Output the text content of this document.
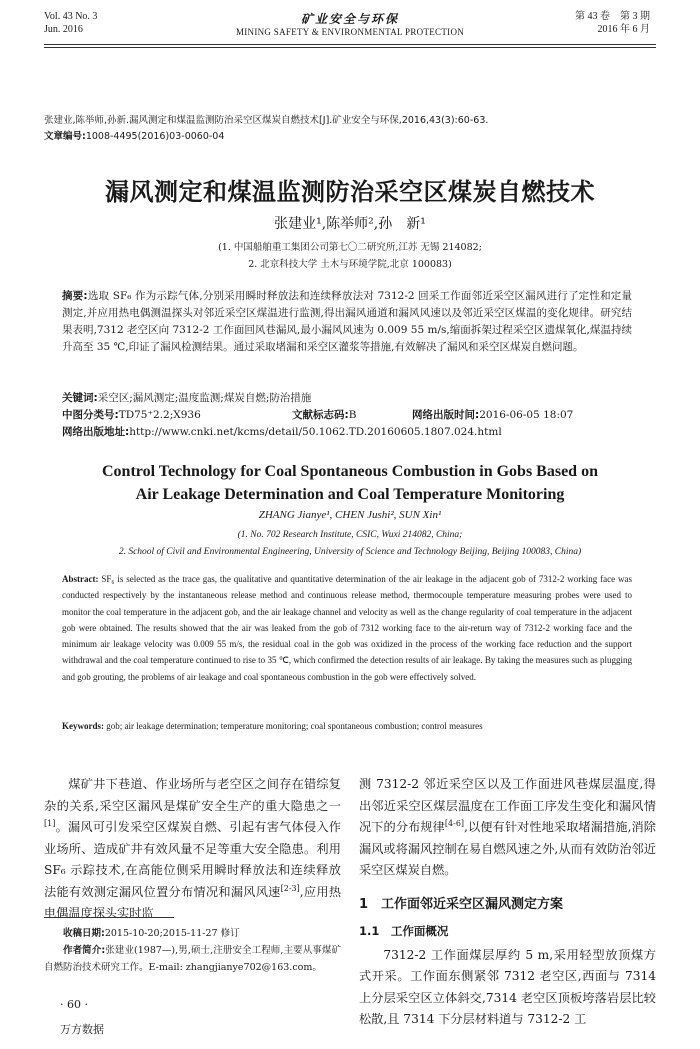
Vol. 43 No. 3
Jun. 2016
矿业安全与环保
MINING SAFETY & ENVIRONMENTAL PROTECTION
第 43 卷　第 3 期
2016 年 6 月
张建业,陈举师,孙新.漏风测定和煤温监测防治采空区煤炭自燃技术[J].矿业安全与环保,2016,43(3):60-63.
文章编号:1008-4495(2016)03-0060-04
漏风测定和煤温监测防治采空区煤炭自燃技术
张建业¹,陈举师²,孙　新¹
(1. 中国船舶重工集团公司第七〇二研究所,江苏 无锡 214082;
2. 北京科技大学 土木与环境学院,北京 100083)
摘要:选取 SF₆ 作为示踪气体,分别采用瞬时释放法和连续释放法对 7312-2 回采工作面邻近采空区漏风进行了定性和定量测定,并应用热电偶测温探头对邻近采空区煤温进行监测,得出漏风通道和漏风风速以及邻近采空区煤温的变化规律。研究结果表明,7312 老空区向 7312-2 工作面回风巷漏风,最小漏风风速为 0.009 55 m/s,缩面拆架过程采空区遗煤氧化,煤温持续升高至 35 ℃,印证了漏风检测结果。通过采取堵漏和采空区灌浆等措施,有效解决了漏风和采空区煤炭自燃问题。
关键词:采空区;漏风测定;温度监测;煤炭自燃;防治措施
中图分类号:TD75⁺2.2;X936	文献标志码:B	网络出版时间:2016-06-05 18:07
网络出版地址:http://www.cnki.net/kcms/detail/50.1062.TD.20160605.1807.024.html
Control Technology for Coal Spontaneous Combustion in Gobs Based on
Air Leakage Determination and Coal Temperature Monitoring
ZHANG Jianye¹, CHEN Jushi², SUN Xin¹
(1. No. 702 Research Institute, CSIC, Wuxi 214082, China;
2. School of Civil and Environmental Engineering, University of Science and Technology Beijing, Beijing 100083, China)
Abstract: SF₆ is selected as the trace gas, the qualitative and quantitative determination of the air leakage in the adjacent gob of 7312-2 working face was conducted respectively by the instantaneous release method and continuous release method, thermocouple temperature measuring probes were used to monitor the coal temperature in the adjacent gob, and the air leakage channel and velocity as well as the change regularity of coal temperature in the adjacent gob were obtained. The results showed that the air was leaked from the gob of 7312 working face to the air-return way of 7312-2 working face and the minimum air leakage velocity was 0.009 55 m/s, the residual coal in the gob was oxidized in the process of the working face reduction and the support withdrawal and the coal temperature continued to rise to 35 ℃, which confirmed the detection results of air leakage. By taking the measures such as plugging and gob grouting, the problems of air leakage and coal spontaneous combustion in the gob were effectively solved.
Keywords: gob; air leakage determination; temperature monitoring; coal spontaneous combustion; control measures

煤矿井下巷道、作业场所与老空区之间存在错综复杂的关系,采空区漏风是煤矿安全生产的重大隐患之一[1]。漏风可引发采空区煤炭自燃、引起有害气体侵入作业场所、造成矿井有效风量不足等重大安全隐患。利用 SF₆ 示踪技术,在高能位侧采用瞬时释放法和连续释放法能有效测定漏风位置分布情况和漏风风速[2-3],应用热电偶温度探头实时监

测 7312-2 邻近采空区以及工作面进风巷煤层温度,得出邻近采空区煤层温度在工作面工序发生变化和漏风情况下的分布规律[4-6],以便有针对性地采取堵漏措施,消除漏风或将漏风控制在易自燃风速之外,从而有效防治邻近采空区煤炭自燃。

1　工作面邻近采空区漏风测定方案
1.1　工作面概况

7312-2 工作面煤层厚约 5 m,采用轻型放顶煤方式开采。工作面东侧紧邻 7312 老空区,西面与 7314 上分层采空区立体斜交,7314 老空区顶板垮落岩层比较松散,且 7314 下分层材料道与 7312-2 工

收稿日期:2015-10-20;2015-11-27 修订

作者简介:张建业(1987—),男,硕士,注册安全工程师,主要从事煤矿自燃防治技术研究工作。E-mail: zhangjianye702@163.com。

· 60 ·
万方数据
